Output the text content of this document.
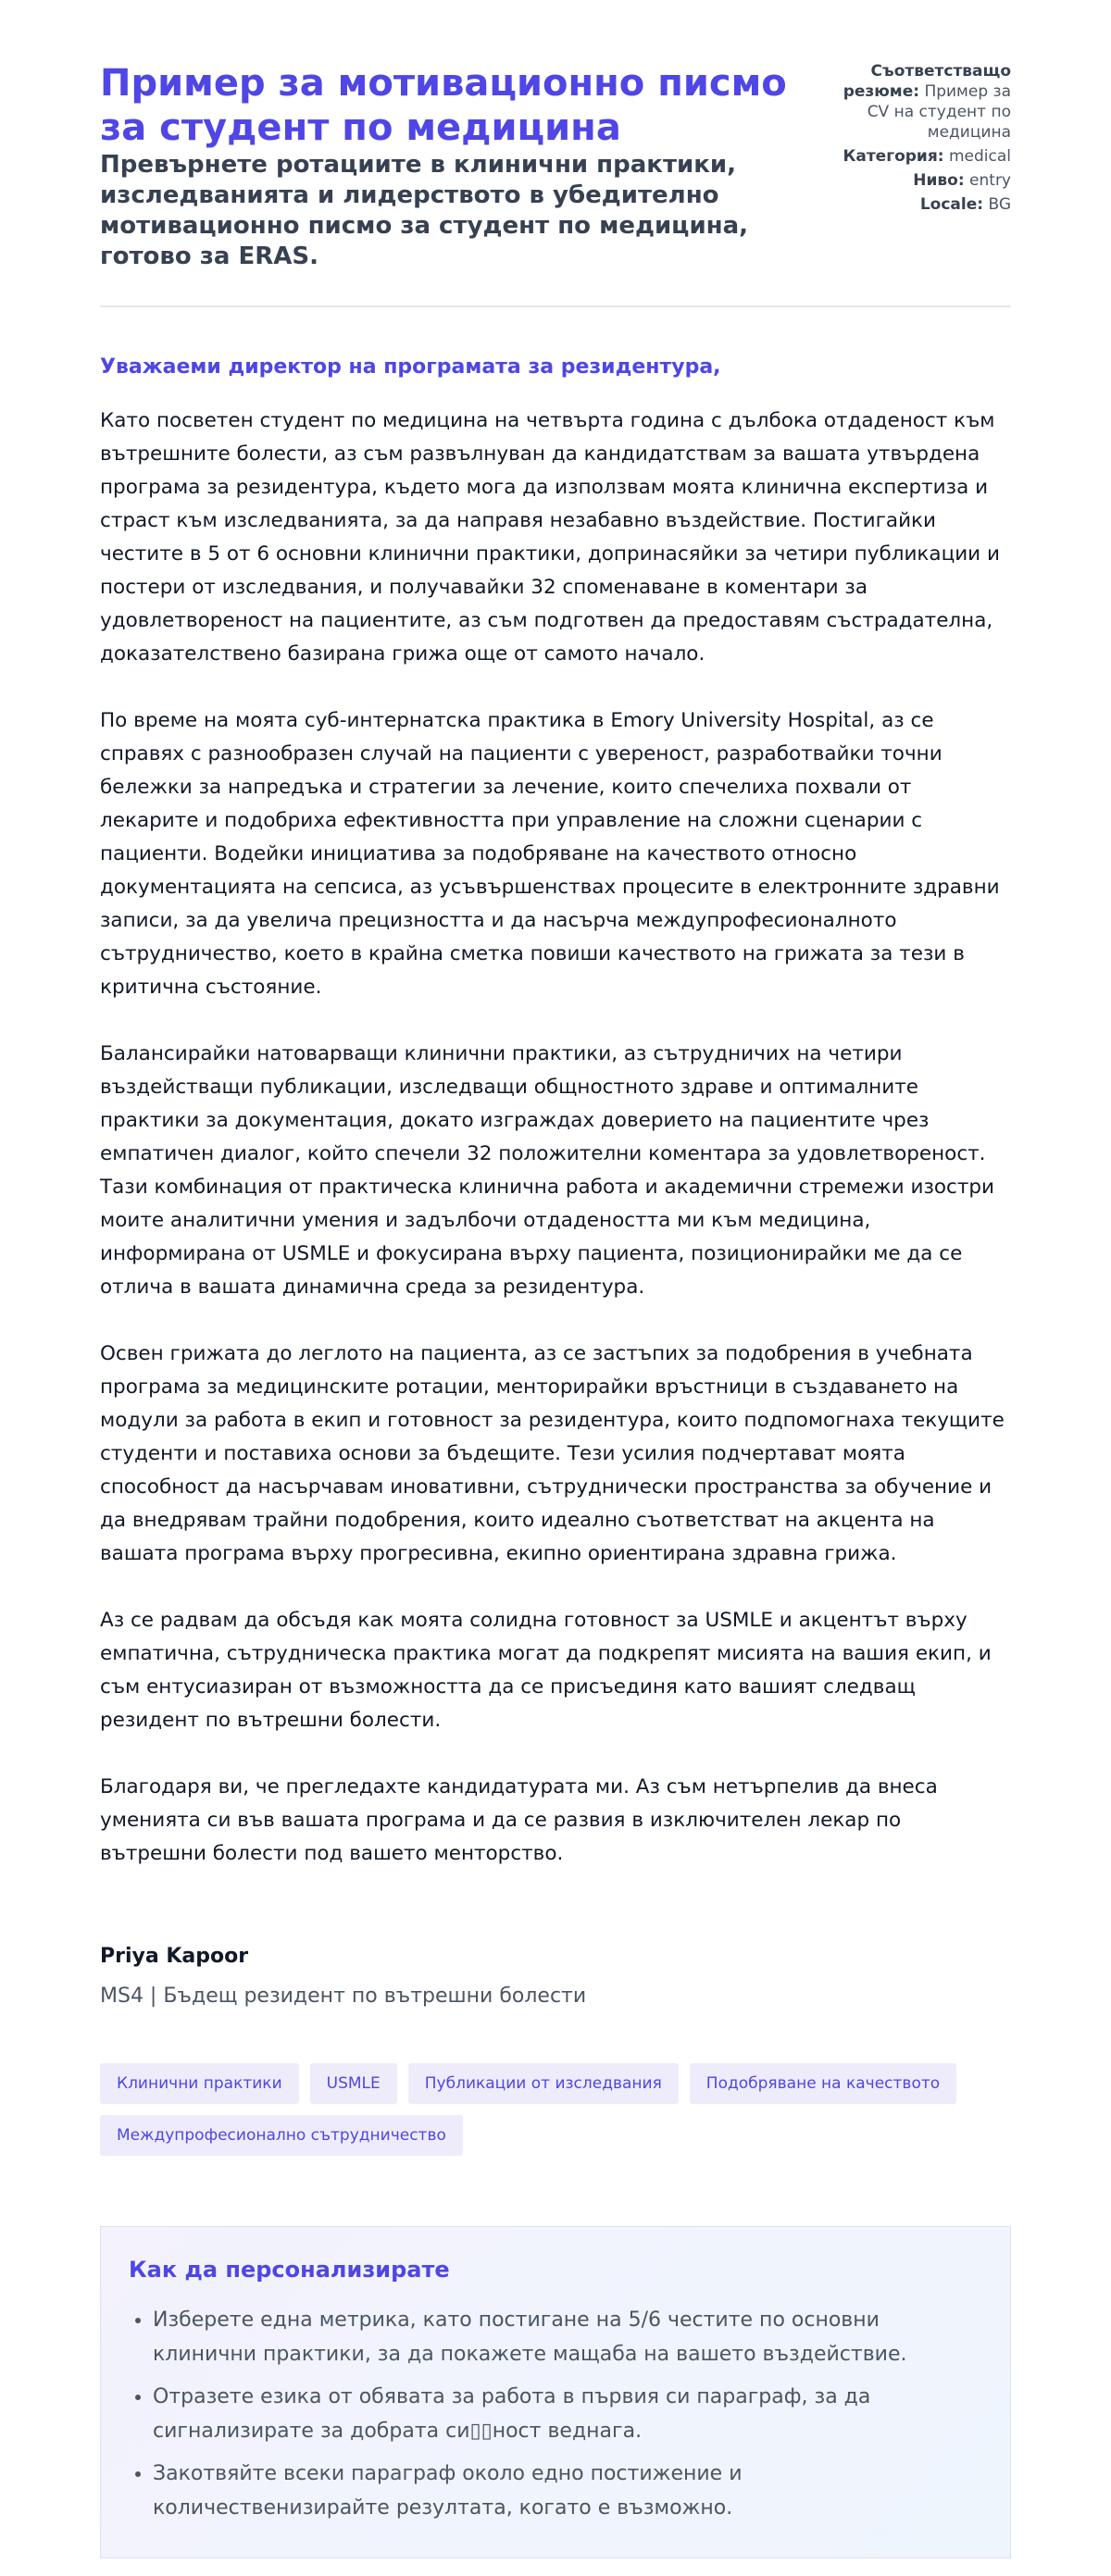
Пример за мотивационно писмо за студент по медицина
Превърнете ротациите в клинични практики, изследванията и лидерството в убедително мотивационно писмо за студент по медицина, готово за ERAS.
Съответстващо резюме: Пример за CV на студент по медицина
Категория: medical
Ниво: entry
Locale: BG
Уважаеми директор на програмата за резидентура,

Като посветен студент по медицина на четвърта година с дълбока отдаденост към вътрешните болести, аз съм развълнуван да кандидатствам за вашата утвърдена програма за резидентура, където мога да използвам моята клинична експертиза и страст към изследванията, за да направя незабавно въздействие. Постигайки честите в 5 от 6 основни клинични практики, допринасяйки за четири публикации и постери от изследвания, и получавайки 32 споменаване в коментари за удовлетвореност на пациентите, аз съм подготвен да предоставям състрадателна, доказателствено базирана грижа още от самото начало.

По време на моята суб-интернатска практика в Emory University Hospital, аз се справях с разнообразен случай на пациенти с увереност, разработвайки точни бележки за напредъка и стратегии за лечение, които спечелиха похвали от лекарите и подобриха ефективността при управление на сложни сценарии с пациенти. Водейки инициатива за подобряване на качеството относно документацията на сепсиса, аз усъвършенствах процесите в електронните здравни записи, за да увелича прецизността и да насърча междупрофесионалното сътрудничество, което в крайна сметка повиши качеството на грижата за тези в критична състояние.

Балансирайки натоварващи клинични практики, аз сътрудничих на четири въздействащи публикации, изследващи общностното здраве и оптималните практики за документация, докато изграждах доверието на пациентите чрез емпатичен диалог, който спечели 32 положителни коментара за удовлетвореност. Тази комбинация от практическа клинична работа и академични стремежи изостри моите аналитични умения и задълбочи отдадеността ми към медицина, информирана от USMLE и фокусирана върху пациента, позиционирайки ме да се отлича в вашата динамична среда за резидентура.

Освен грижата до леглото на пациента, аз се застъпих за подобрения в учебната програма за медицинските ротации, менторирайки връстници в създаването на модули за работа в екип и готовност за резидентура, които подпомогнаха текущите студенти и поставиха основи за бъдещите. Тези усилия подчертават моята способност да насърчавам иновативни, сътруднически пространства за обучение и да внедрявам трайни подобрения, които идеално съответстват на акцента на вашата програма върху прогресивна, екипно ориентирана здравна грижа.

Аз се радвам да обсъдя как моята солидна готовност за USMLE и акцентът върху емпатична, сътрудническа практика могат да подкрепят мисията на вашия екип, и съм ентусиазиран от възможността да се присъединя като вашият следващ резидент по вътрешни болести.

Благодаря ви, че прегледахте кандидатурата ми. Аз съм нетърпелив да внеса уменията си във вашата програма и да се развия в изключителен лекар по вътрешни болести под вашето менторство.

Priya Kapoor
MS4 | Бъдещ резидент по вътрешни болести
Клинични практики	USMLE	Публикации от изследвания	Подобряване на качеството
Междупрофесионално сътрудничество
Как да персонализирате
• Изберете една метрика, като постигане на 5/6 честите по основни клинични практики, за да покажете мащаба на вашето въздействие.
• Отразете езика от обявата за работа в първия си параграф, за да сигнализирате за добрата си▯▯ност веднага.
• Закотвяйте всеки параграф около едно постижение и количественизирайте резултата, когато е възможно.
